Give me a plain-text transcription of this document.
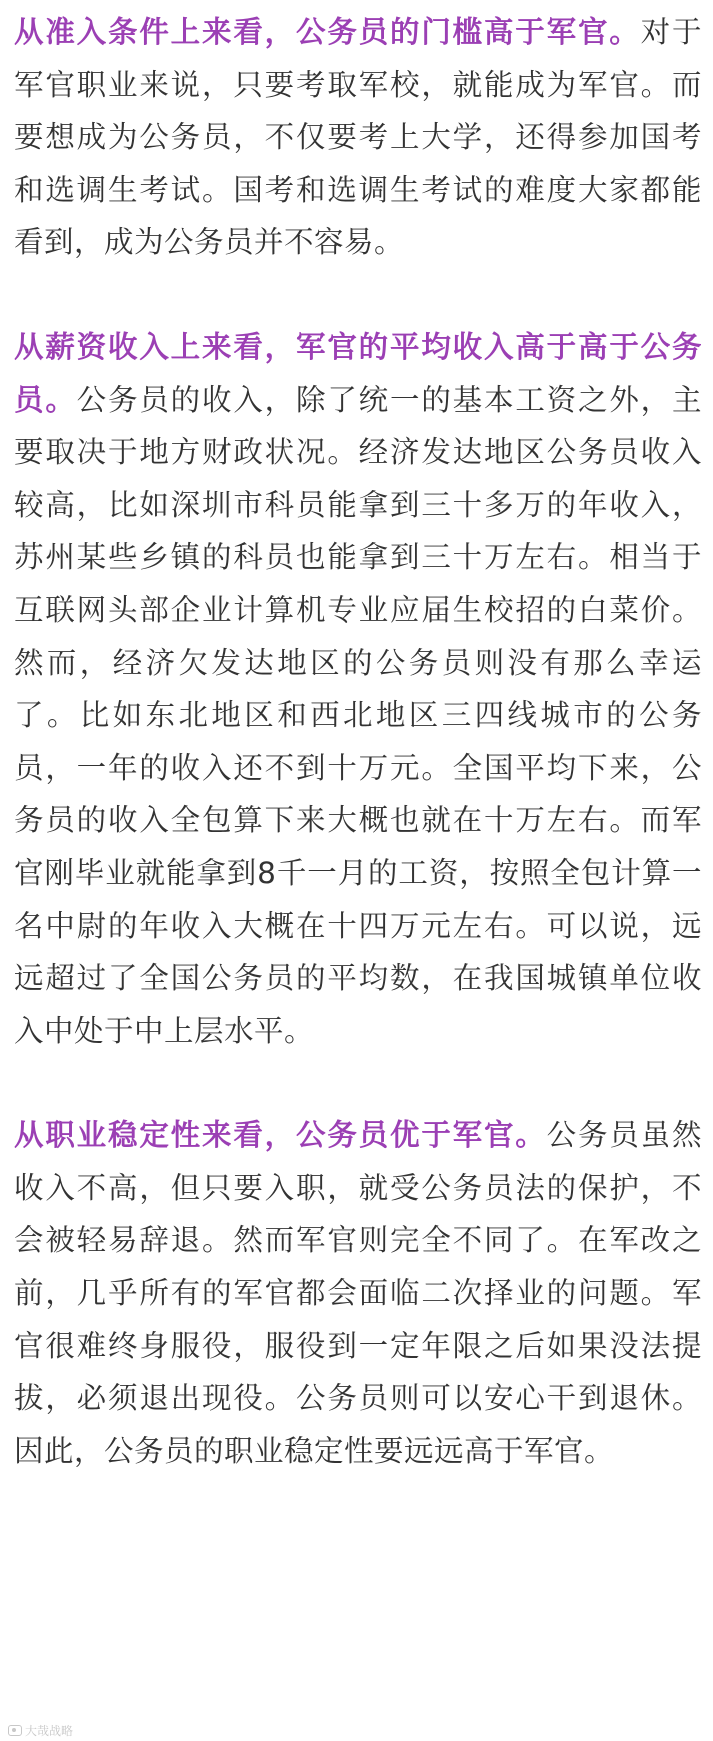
从准入条件上来看，公务员的门槛高于军官。对于军官职业来说，只要考取军校，就能成为军官。而要想成为公务员，不仅要考上大学，还得参加国考和选调生考试。国考和选调生考试的难度大家都能看到，成为公务员并不容易。

从薪资收入上来看，军官的平均收入高于高于公务员。公务员的收入，除了统一的基本工资之外，主要取决于地方财政状况。经济发达地区公务员收入较高，比如深圳市科员能拿到三十多万的年收入，苏州某些乡镇的科员也能拿到三十万左右。相当于互联网头部企业计算机专业应届生校招的白菜价。然而，经济欠发达地区的公务员则没有那么幸运了。比如东北地区和西北地区三四线城市的公务员，一年的收入还不到十万元。全国平均下来，公务员的收入全包算下来大概也就在十万左右。而军官刚毕业就能拿到8千一月的工资，按照全包计算一名中尉的年收入大概在十四万元左右。可以说，远远超过了全国公务员的平均数，在我国城镇单位收入中处于中上层水平。

从职业稳定性来看，公务员优于军官。公务员虽然收入不高，但只要入职，就受公务员法的保护，不会被轻易辞退。然而军官则完全不同了。在军改之前，几乎所有的军官都会面临二次择业的问题。军官很难终身服役，服役到一定年限之后如果没法提拔，必须退出现役。公务员则可以安心干到退休。因此，公务员的职业稳定性要远远高于军官。

大哉战略
